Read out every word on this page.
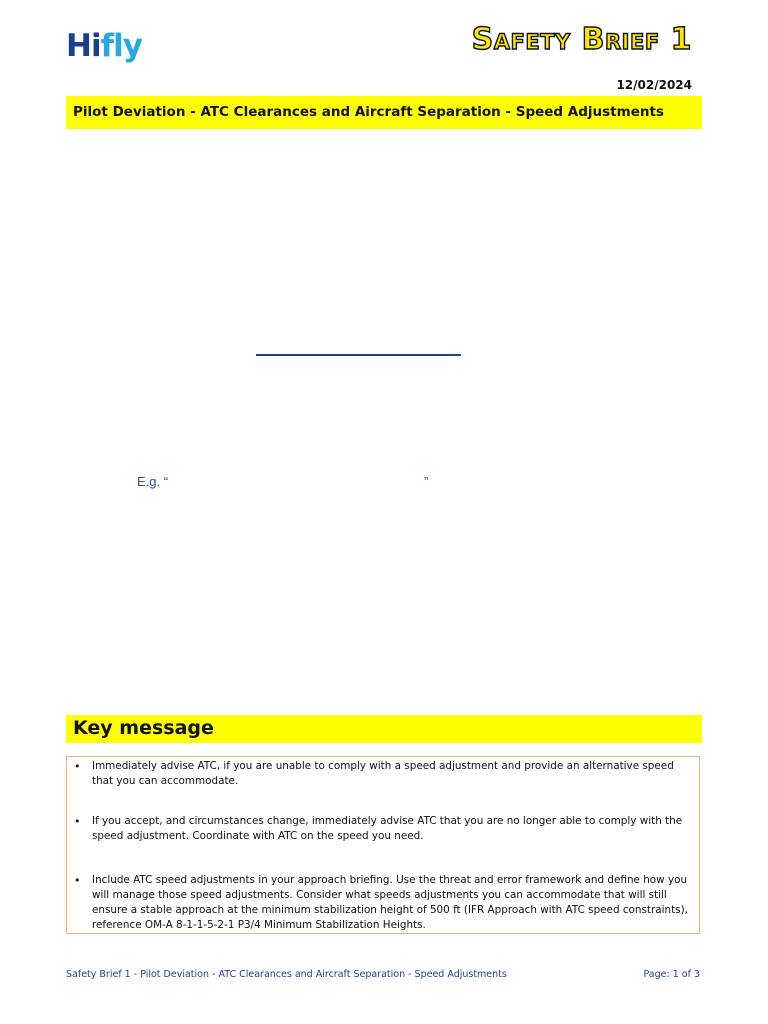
Hifly	Safety Brief 1
12/02/2024
Pilot Deviation - ATC Clearances and Aircraft Separation - Speed Adjustments
E.g. “	”
Key message
• Immediately advise ATC, if you are unable to comply with a speed adjustment and provide an alternative speed that you can accommodate.
• If you accept, and circumstances change, immediately advise ATC that you are no longer able to comply with the speed adjustment. Coordinate with ATC on the speed you need.
• Include ATC speed adjustments in your approach briefing. Use the threat and error framework and define how you will manage those speed adjustments. Consider what speeds adjustments you can accommodate that will still ensure a stable approach at the minimum stabilization height of 500 ft (IFR Approach with ATC speed constraints), reference OM-A 8-1-1-5-2-1 P3/4 Minimum Stabilization Heights.
Safety Brief 1 - Pilot Deviation - ATC Clearances and Aircraft Separation - Speed Adjustments	Page: 1 of 3
